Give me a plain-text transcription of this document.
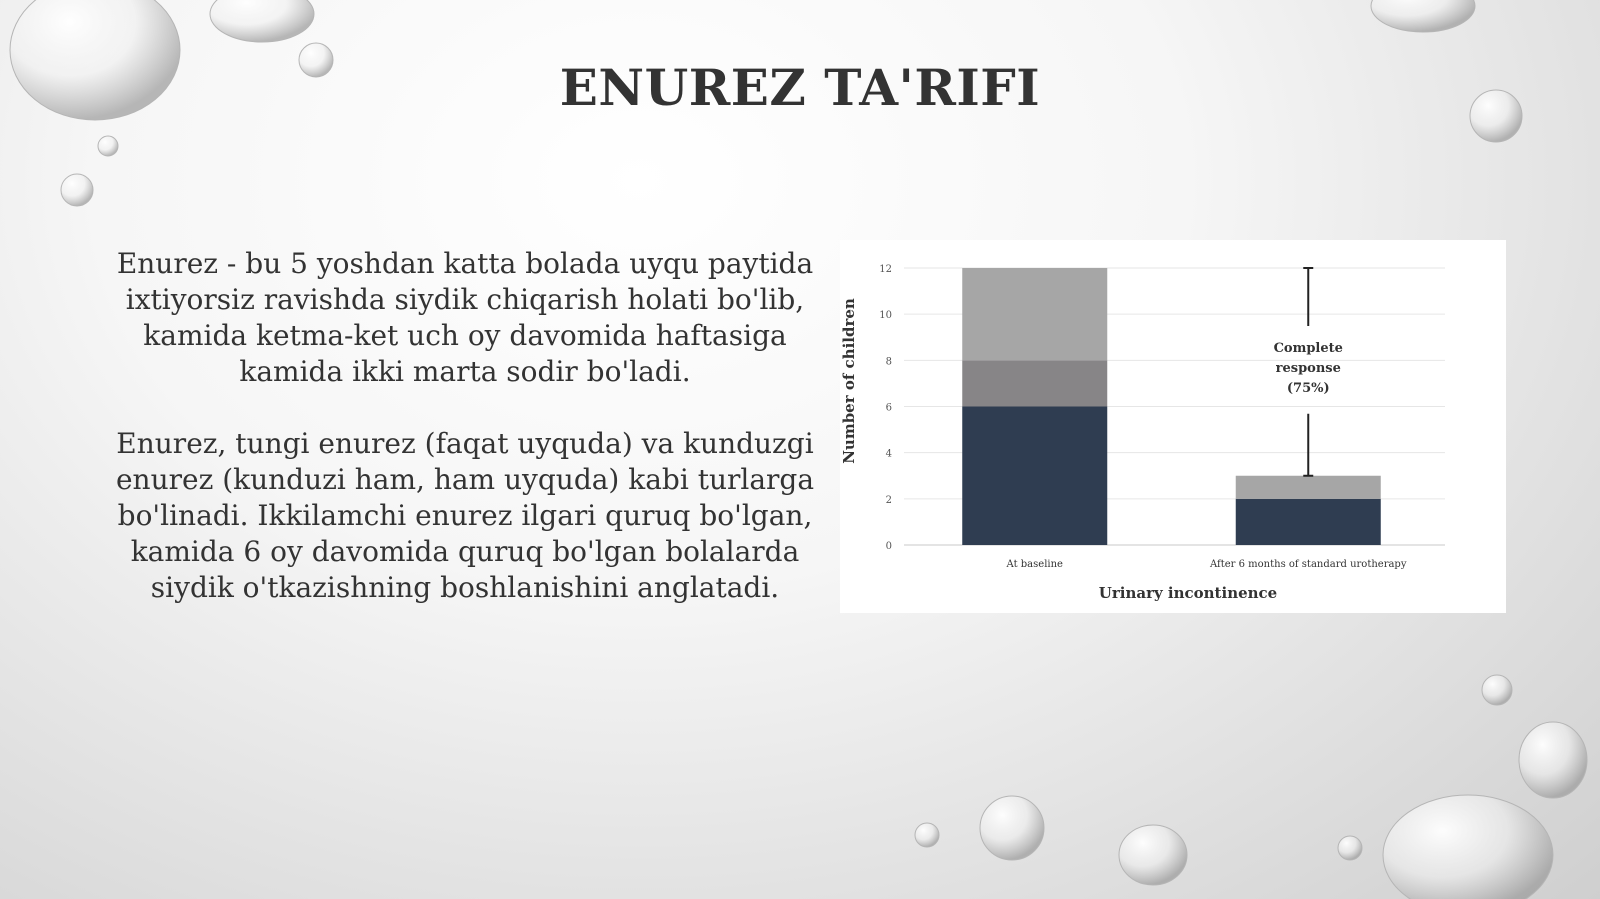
ENUREZ TA'RIFI

Enurez - bu 5 yoshdan katta bolada uyqu paytida ixtiyorsiz ravishda siydik chiqarish holati bo'lib, kamida ketma-ket uch oy davomida haftasiga kamida ikki marta sodir bo'ladi.

Enurez, tungi enurez (faqat uyquda) va kunduzgi enurez (kunduzi ham, ham uyquda) kabi turlarga bo'linadi. Ikkilamchi enurez ilgari quruq bo'lgan, kamida 6 oy davomida quruq bo'lgan bolalarda siydik o'tkazishning boshlanishini anglatadi.

0
2
4
6
8
10
12
At baseline	After 6 months of standard urotherapy
Complete
response
(75%)
Urinary incontinence
Number of children
